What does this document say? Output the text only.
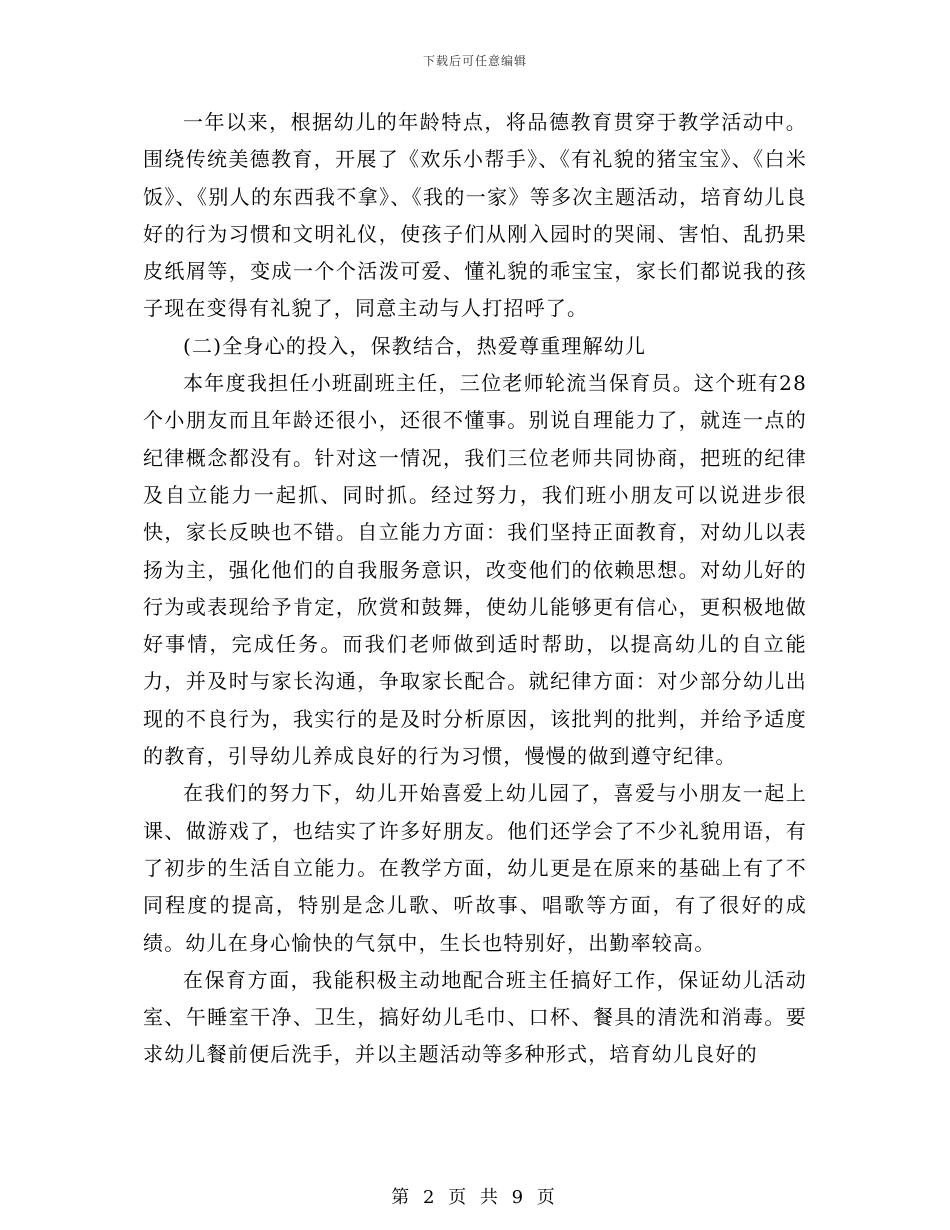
下载后可任意编辑

一年以来，根据幼儿的年龄特点，将品德教育贯穿于教学活动中。围绕传统美德教育，开展了《欢乐小帮手》、《有礼貌的猪宝宝》、《白米饭》、《别人的东西我不拿》、《我的一家》等多次主题活动，培育幼儿良好的行为习惯和文明礼仪，使孩子们从刚入园时的哭闹、害怕、乱扔果皮纸屑等，变成一个个活泼可爱、懂礼貌的乖宝宝，家长们都说我的孩子现在变得有礼貌了，同意主动与人打招呼了。

(二)全身心的投入，保教结合，热爱尊重理解幼儿

本年度我担任小班副班主任，三位老师轮流当保育员。这个班有28个小朋友而且年龄还很小，还很不懂事。别说自理能力了，就连一点的纪律概念都没有。针对这一情况，我们三位老师共同协商，把班的纪律及自立能力一起抓、同时抓。经过努力，我们班小朋友可以说进步很快，家长反映也不错。自立能力方面：我们坚持正面教育，对幼儿以表扬为主，强化他们的自我服务意识，改变他们的依赖思想。对幼儿好的行为或表现给予肯定，欣赏和鼓舞，使幼儿能够更有信心，更积极地做好事情，完成任务。而我们老师做到适时帮助，以提高幼儿的自立能力，并及时与家长沟通，争取家长配合。就纪律方面：对少部分幼儿出现的不良行为，我实行的是及时分析原因，该批判的批判，并给予适度的教育，引导幼儿养成良好的行为习惯，慢慢的做到遵守纪律。

在我们的努力下，幼儿开始喜爱上幼儿园了，喜爱与小朋友一起上课、做游戏了，也结实了许多好朋友。他们还学会了不少礼貌用语，有了初步的生活自立能力。在教学方面，幼儿更是在原来的基础上有了不同程度的提高，特别是念儿歌、听故事、唱歌等方面，有了很好的成绩。幼儿在身心愉快的气氛中，生长也特别好，出勤率较高。

在保育方面，我能积极主动地配合班主任搞好工作，保证幼儿活动室、午睡室干净、卫生，搞好幼儿毛巾、口杯、餐具的清洗和消毒。要求幼儿餐前便后洗手，并以主题活动等多种形式，培育幼儿良好的

第 2 页 共 9 页
